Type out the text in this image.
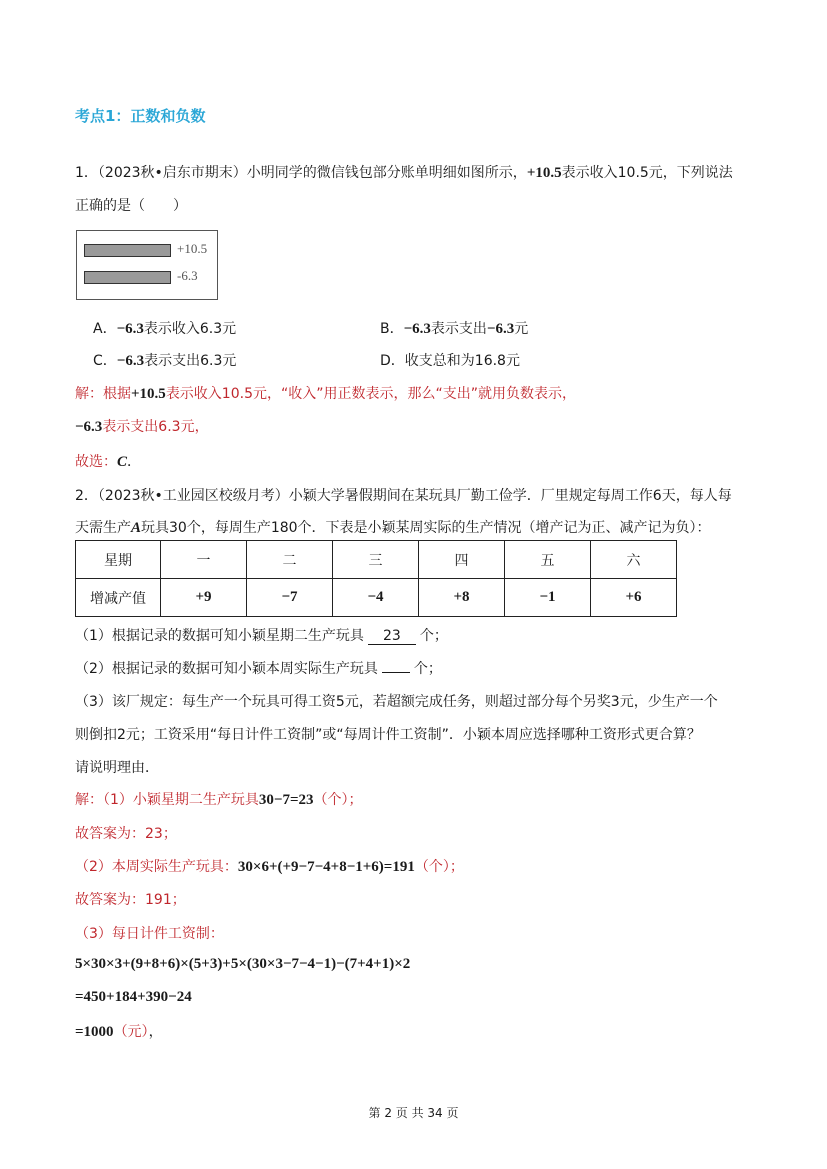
考点1：正数和负数
1．（2023秋•启东市期末）小明同学的微信钱包部分账单明细如图所示，+10.5表示收入10.5元，下列说法
正确的是（　　）
+10.5
-6.3
A．−6.3表示收入6.3元	B．−6.3表示支出−6.3元
C．−6.3表示支出6.3元	D．收支总和为16.8元
解：根据+10.5表示收入10.5元，“收入”用正数表示，那么“支出”就用负数表示，
−6.3表示支出6.3元，
故选：C．
2．（2023秋•工业园区校级月考）小颖大学暑假期间在某玩具厂勤工俭学．厂里规定每周工作6天，每人每
天需生产A玩具30个，每周生产180个．下表是小颖某周实际的生产情况（增产记为正、减产记为负）：
星期	一	二	三	四	五	六
增减产值	+9	−7	−4	+8	−1	+6
（1）根据记录的数据可知小颖星期二生产玩具 23 个；
（2）根据记录的数据可知小颖本周实际生产玩具	个；
（3）该厂规定：每生产一个玩具可得工资5元，若超额完成任务，则超过部分每个另奖3元，少生产一个
则倒扣2元；工资采用“每日计件工资制”或“每周计件工资制”．小颖本周应选择哪种工资形式更合算？
请说明理由．
解：（1）小颖星期二生产玩具30−7=23（个）；
故答案为：23；
（2）本周实际生产玩具：30×6+(+9−7−4+8−1+6)=191（个）；
故答案为：191；
（3）每日计件工资制：
5×30×3+(9+8+6)×(5+3)+5×(30×3−7−4−1)−(7+4+1)×2
=450+184+390−24
=1000（元），
第 2 页 共 34 页
